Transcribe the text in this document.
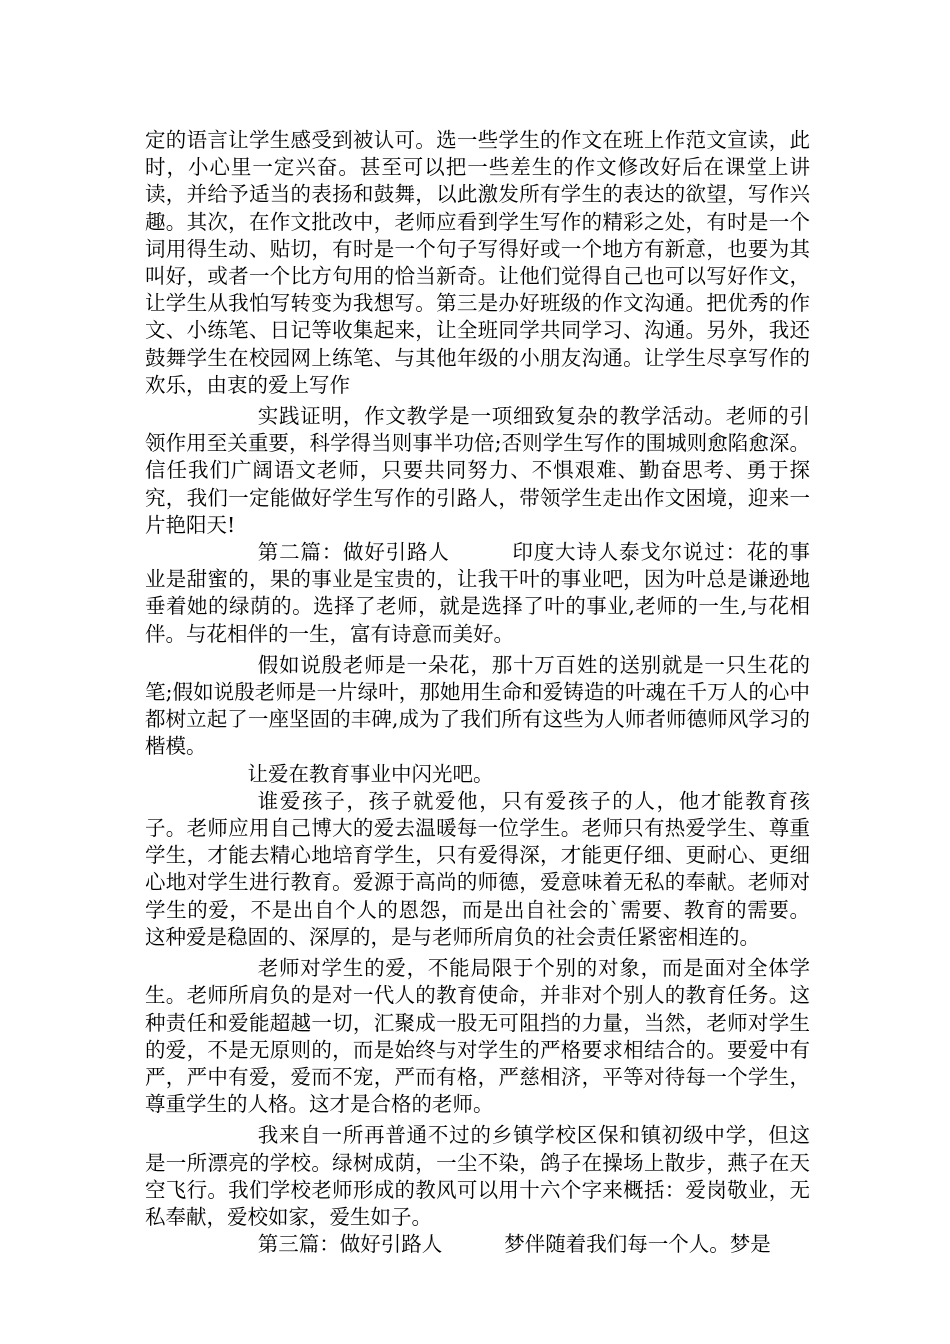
定的语言让学生感受到被认可。选一些学生的作文在班上作范文宣读，此时，小心里一定兴奋。甚至可以把一些差生的作文修改好后在课堂上讲读，并给予适当的表扬和鼓舞，以此激发所有学生的表达的欲望，写作兴趣。其次，在作文批改中，老师应看到学生写作的精彩之处，有时是一个词用得生动、贴切，有时是一个句子写得好或一个地方有新意，也要为其叫好，或者一个比方句用的恰当新奇。让他们觉得自己也可以写好作文，让学生从我怕写转变为我想写。第三是办好班级的作文沟通。把优秀的作文、小练笔、日记等收集起来，让全班同学共同学习、沟通。另外，我还鼓舞学生在校园网上练笔、与其他年级的小朋友沟通。让学生尽享写作的欢乐，由衷的爱上写作

实践证明，作文教学是一项细致复杂的教学活动。老师的引领作用至关重要，科学得当则事半功倍;否则学生写作的围城则愈陷愈深。信任我们广阔语文老师，只要共同努力、不惧艰难、勤奋思考、勇于探究，我们一定能做好学生写作的引路人，带领学生走出作文困境，迎来一片艳阳天!

第二篇：做好引路人	印度大诗人泰戈尔说过：花的事业是甜蜜的，果的事业是宝贵的，让我干叶的事业吧，因为叶总是谦逊地垂着她的绿荫的。选择了老师，就是选择了叶的事业,老师的一生,与花相伴。与花相伴的一生，富有诗意而美好。

假如说殷老师是一朵花，那十万百姓的送别就是一只生花的笔;假如说殷老师是一片绿叶，那她用生命和爱铸造的叶魂在千万人的心中都树立起了一座坚固的丰碑,成为了我们所有这些为人师者师德师风学习的楷模。

让爱在教育事业中闪光吧。

谁爱孩子，孩子就爱他，只有爱孩子的人，他才能教育孩子。老师应用自己博大的爱去温暖每一位学生。老师只有热爱学生、尊重学生，才能去精心地培育学生，只有爱得深，才能更仔细、更耐心、更细心地对学生进行教育。爱源于高尚的师德，爱意味着无私的奉献。老师对学生的爱，不是出自个人的恩怨，而是出自社会的`需要、教育的需要。这种爱是稳固的、深厚的，是与老师所肩负的社会责任紧密相连的。

老师对学生的爱，不能局限于个别的对象，而是面对全体学生。老师所肩负的是对一代人的教育使命，并非对个别人的教育任务。这种责任和爱能超越一切，汇聚成一股无可阻挡的力量，当然，老师对学生的爱，不是无原则的，而是始终与对学生的严格要求相结合的。要爱中有严，严中有爱，爱而不宠，严而有格，严慈相济，平等对待每一个学生，尊重学生的人格。这才是合格的老师。

我来自一所再普通不过的乡镇学校区保和镇初级中学，但这是一所漂亮的学校。绿树成荫，一尘不染，鸽子在操场上散步，燕子在天空飞行。我们学校老师形成的教风可以用十六个字来概括：爱岗敬业，无私奉献，爱校如家，爱生如子。

第三篇：做好引路人	梦伴随着我们每一个人。梦是
